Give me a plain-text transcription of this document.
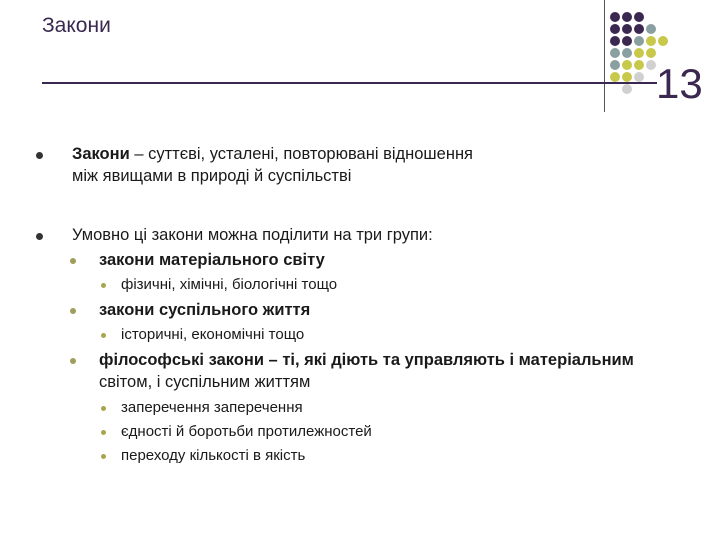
Закони
13
Закони – суттєві, усталені, повторювані відношення
між явищами в природі й суспільстві
Умовно ці закони можна поділити на три групи:
закони матеріального світу
фізичні, хімічні, біологічні тощо
закони суспільного життя
історичні, економічні тощо
філософські закони – ті, які діють та управляють і матеріальним
світом, і суспільним життям
заперечення заперечення
єдності й боротьби протилежностей
переходу кількості в якість
